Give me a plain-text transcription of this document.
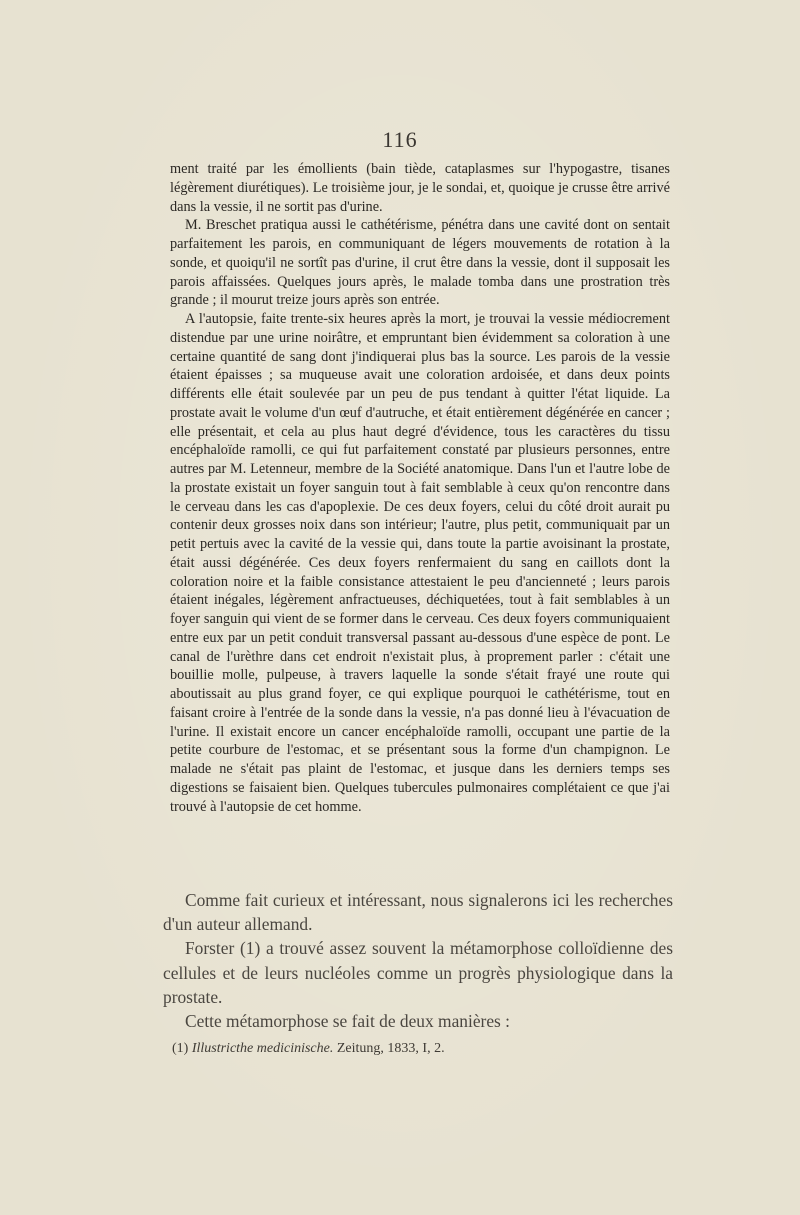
116

ment traité par les émollients (bain tiède, cataplasmes sur l'hypogastre, tisanes légèrement diurétiques). Le troisième jour, je le sondai, et, quoique je crusse être arrivé dans la vessie, il ne sortit pas d'urine.

M. Breschet pratiqua aussi le cathétérisme, pénétra dans une cavité dont on sentait parfaitement les parois, en communiquant de légers mouvements de rotation à la sonde, et quoiqu'il ne sortît pas d'urine, il crut être dans la vessie, dont il supposait les parois affaissées. Quelques jours après, le malade tomba dans une prostration très grande ; il mourut treize jours après son entrée.

A l'autopsie, faite trente-six heures après la mort, je trouvai la vessie médiocrement distendue par une urine noirâtre, et empruntant bien évidemment sa coloration à une certaine quantité de sang dont j'indiquerai plus bas la source. Les parois de la vessie étaient épaisses ; sa muqueuse avait une coloration ardoisée, et dans deux points différents elle était soulevée par un peu de pus tendant à quitter l'état liquide. La prostate avait le volume d'un œuf d'autruche, et était entièrement dégénérée en cancer ; elle présentait, et cela au plus haut degré d'évidence, tous les caractères du tissu encéphaloïde ramolli, ce qui fut parfaitement constaté par plusieurs personnes, entre autres par M. Letenneur, membre de la Société anatomique. Dans l'un et l'autre lobe de la prostate existait un foyer sanguin tout à fait semblable à ceux qu'on rencontre dans le cerveau dans les cas d'apoplexie. De ces deux foyers, celui du côté droit aurait pu contenir deux grosses noix dans son intérieur; l'autre, plus petit, communiquait par un petit pertuis avec la cavité de la vessie qui, dans toute la partie avoisinant la prostate, était aussi dégénérée. Ces deux foyers renfermaient du sang en caillots dont la coloration noire et la faible consistance attestaient le peu d'ancienneté ; leurs parois étaient inégales, légèrement anfractueuses, déchiquetées, tout à fait semblables à un foyer sanguin qui vient de se former dans le cerveau. Ces deux foyers communiquaient entre eux par un petit conduit transversal passant au-dessous d'une espèce de pont. Le canal de l'urèthre dans cet endroit n'existait plus, à proprement parler : c'était une bouillie molle, pulpeuse, à travers laquelle la sonde s'était frayé une route qui aboutissait au plus grand foyer, ce qui explique pourquoi le cathétérisme, tout en faisant croire à l'entrée de la sonde dans la vessie, n'a pas donné lieu à l'évacuation de l'urine. Il existait encore un cancer encéphaloïde ramolli, occupant une partie de la petite courbure de l'estomac, et se présentant sous la forme d'un champignon. Le malade ne s'était pas plaint de l'estomac, et jusque dans les derniers temps ses digestions se faisaient bien. Quelques tubercules pulmonaires complétaient ce que j'ai trouvé à l'autopsie de cet homme.

Comme fait curieux et intéressant, nous signalerons ici les recherches d'un auteur allemand.

Forster (1) a trouvé assez souvent la métamorphose colloïdienne des cellules et de leurs nucléoles comme un progrès physiologique dans la prostate.

Cette métamorphose se fait de deux manières :

(1) Illustricthe medicinische. Zeitung, 1833, I, 2.
